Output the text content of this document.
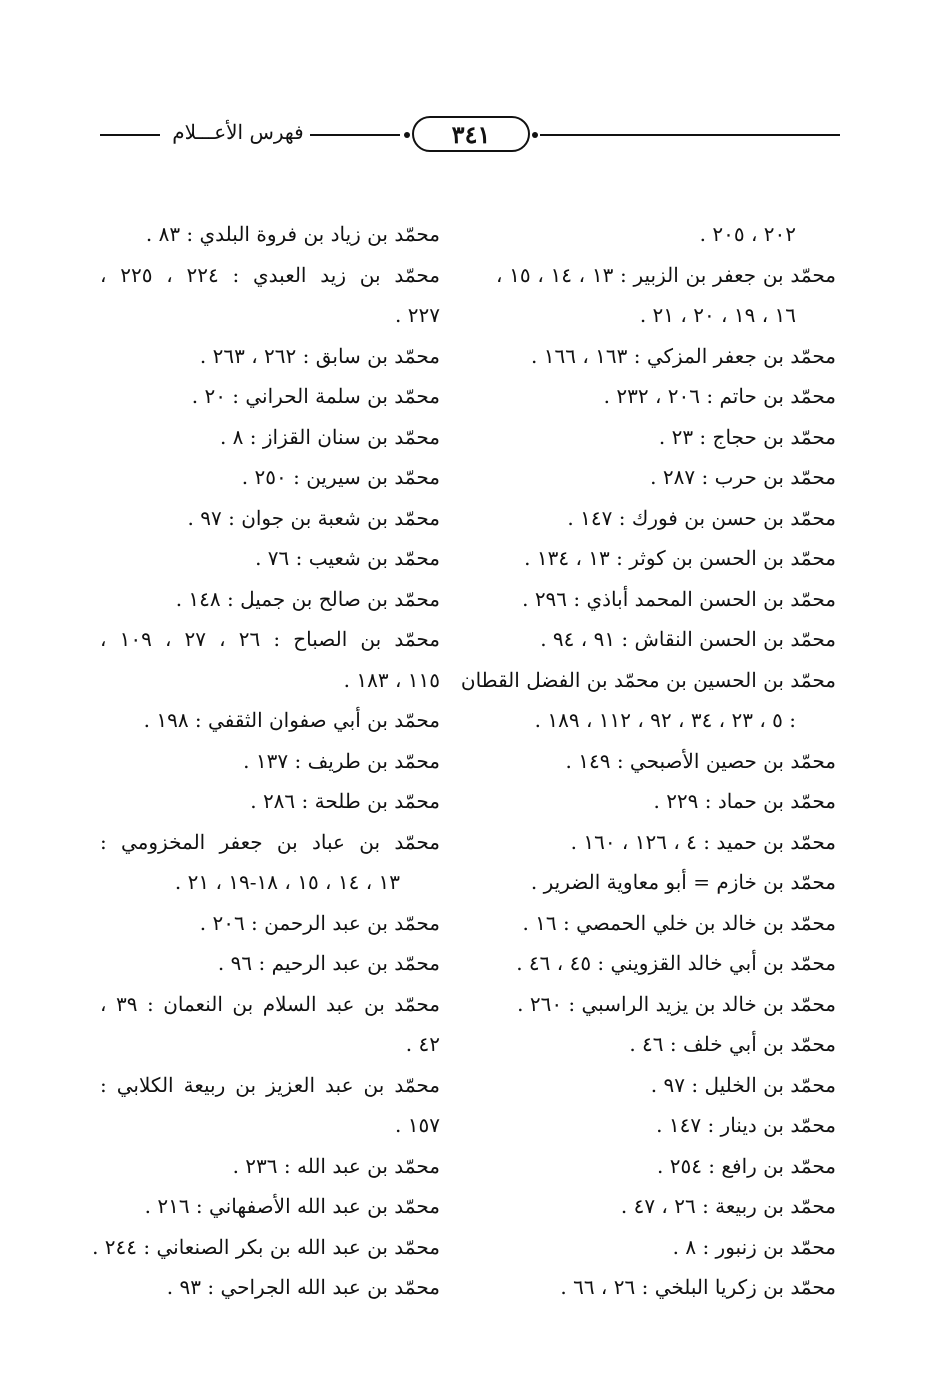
فهرس الأعـــلام	٣٤١
٢٠٢ ، ٢٠٥ .
محمّد بن جعفر بن الزبير : ١٣ ، ١٤ ، ١٥ ،
١٦ ، ١٩ ، ٢٠ ، ٢١ .
محمّد بن جعفر المزكي : ١٦٣ ، ١٦٦ .
محمّد بن حاتم : ٢٠٦ ، ٢٣٢ .
محمّد بن حجاج : ٢٣ .
محمّد بن حرب : ٢٨٧ .
محمّد بن حسن بن فورك : ١٤٧ .
محمّد بن الحسن بن كوثر : ١٣ ، ١٣٤ .
محمّد بن الحسن المحمد أباذي : ٢٩٦ .
محمّد بن الحسن النقاش : ٩١ ، ٩٤ .
محمّد بن الحسين بن محمّد بن الفضل القطان
: ٥ ، ٢٣ ، ٣٤ ، ٩٢ ، ١١٢ ، ١٨٩ .
محمّد بن حصين الأصبحي : ١٤٩ .
محمّد بن حماد : ٢٢٩ .
محمّد بن حميد : ٤ ، ١٢٦ ، ١٦٠ .
محمّد بن خازم = أبو معاوية الضرير .
محمّد بن خالد بن خلي الحمصي : ١٦ .
محمّد بن أبي خالد القزويني : ٤٥ ، ٤٦ .
محمّد بن خالد بن يزيد الراسبي : ٢٦٠ .
محمّد بن أبي خلف : ٤٦ .
محمّد بن الخليل : ٩٧ .
محمّد بن دينار : ١٤٧ .
محمّد بن رافع : ٢٥٤ .
محمّد بن ربيعة : ٢٦ ، ٤٧ .
محمّد بن زنبور : ٨ .
محمّد بن زكريا البلخي : ٢٦ ، ٦٦ .
محمّد بن زياد بن فروة البلدي : ٨٣ .
محمّد بن زيد العبدي : ٢٢٤ ، ٢٢٥ ،
٢٢٧ .
محمّد بن سابق : ٢٦٢ ، ٢٦٣ .
محمّد بن سلمة الحراني : ٢٠ .
محمّد بن سنان القزاز : ٨ .
محمّد بن سيرين : ٢٥٠ .
محمّد بن شعبة بن جوان : ٩٧ .
محمّد بن شعيب : ٧٦ .
محمّد بن صالح بن جميل : ١٤٨ .
محمّد بن الصباح : ٢٦ ، ٢٧ ، ١٠٩ ،
١١٥ ، ١٨٣ .
محمّد بن أبي صفوان الثقفي : ١٩٨ .
محمّد بن طريف : ١٣٧ .
محمّد بن طلحة : ٢٨٦ .
محمّد بن عباد بن جعفر المخزومي :
١٣ ، ١٤ ، ١٥ ، ١٨-١٩ ، ٢١ .
محمّد بن عبد الرحمن : ٢٠٦ .
محمّد بن عبد الرحيم : ٩٦ .
محمّد بن عبد السلام بن النعمان : ٣٩ ،
٤٢ .
محمّد بن عبد العزيز بن ربيعة الكلابي :
١٥٧ .
محمّد بن عبد الله : ٢٣٦ .
محمّد بن عبد الله الأصفهاني : ٢١٦ .
محمّد بن عبد الله بن بكر الصنعاني : ٢٤٤ .
محمّد بن عبد الله الجراحي : ٩٣ .
